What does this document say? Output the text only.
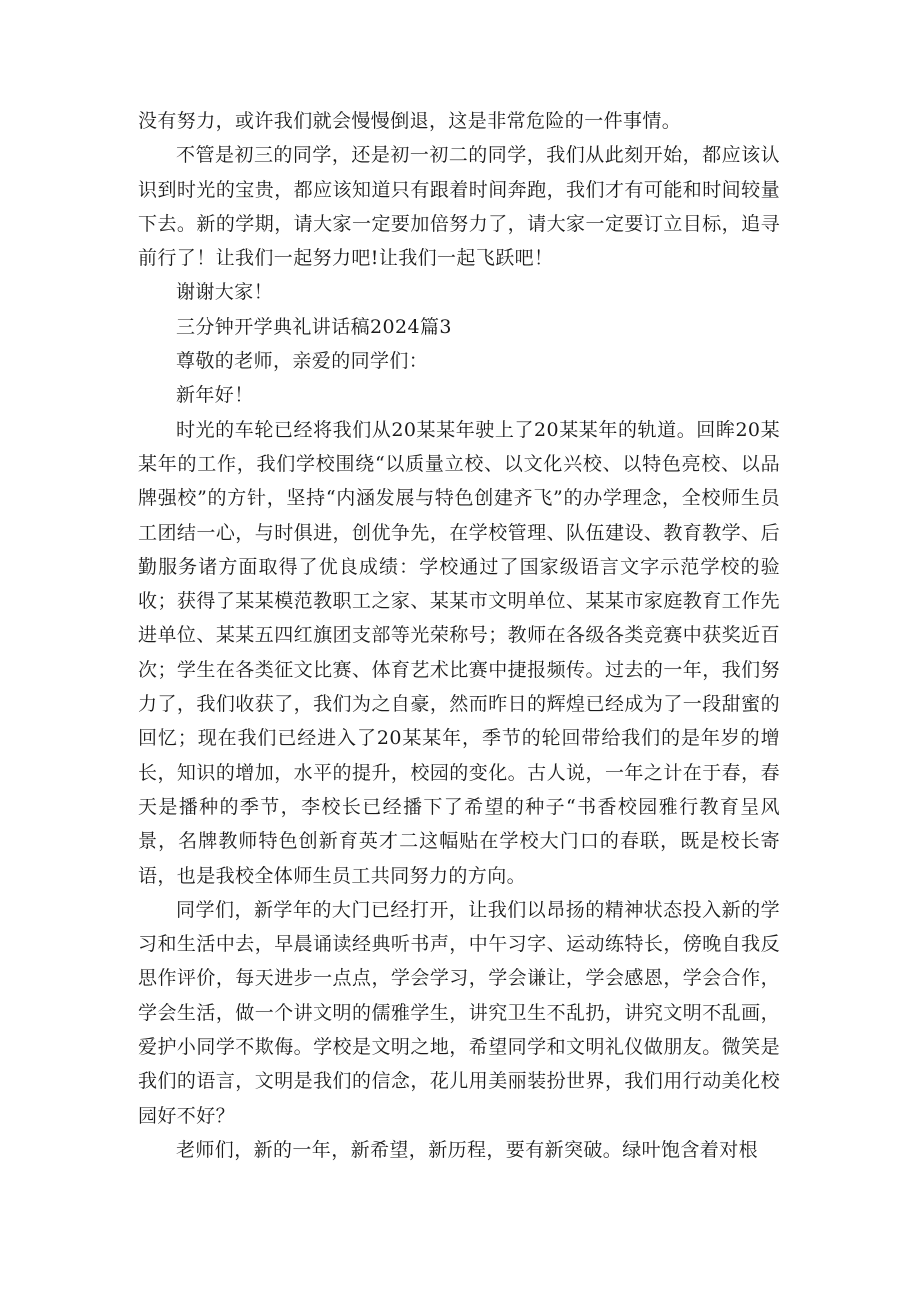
没有努力，或许我们就会慢慢倒退，这是非常危险的一件事情。

不管是初三的同学，还是初一初二的同学，我们从此刻开始，都应该认识到时光的宝贵，都应该知道只有跟着时间奔跑，我们才有可能和时间较量下去。新的学期，请大家一定要加倍努力了，请大家一定要订立目标，追寻前行了！让我们一起努力吧!让我们一起飞跃吧！

谢谢大家！

三分钟开学典礼讲话稿2024篇3

尊敬的老师，亲爱的同学们：

新年好！

时光的车轮已经将我们从20某某年驶上了20某某年的轨道。回眸20某某年的工作，我们学校围绕“以质量立校、以文化兴校、以特色亮校、以品牌强校”的方针，坚持“内涵发展与特色创建齐飞”的办学理念，全校师生员工团结一心，与时俱进，创优争先，在学校管理、队伍建设、教育教学、后勤服务诸方面取得了优良成绩：学校通过了国家级语言文字示范学校的验收；获得了某某模范教职工之家、某某市文明单位、某某市家庭教育工作先进单位、某某五四红旗团支部等光荣称号；教师在各级各类竞赛中获奖近百次；学生在各类征文比赛、体育艺术比赛中捷报频传。过去的一年，我们努力了，我们收获了，我们为之自豪，然而昨日的辉煌已经成为了一段甜蜜的回忆；现在我们已经进入了20某某年，季节的轮回带给我们的是年岁的增长，知识的增加，水平的提升，校园的变化。古人说，一年之计在于春，春天是播种的季节，李校长已经播下了希望的种子“书香校园雅行教育呈风景，名牌教师特色创新育英才二这幅贴在学校大门口的春联，既是校长寄语，也是我校全体师生员工共同努力的方向。

同学们，新学年的大门已经打开，让我们以昂扬的精神状态投入新的学习和生活中去，早晨诵读经典听书声，中午习字、运动练特长，傍晚自我反思作评价，每天进步一点点，学会学习，学会谦让，学会感恩，学会合作，学会生活，做一个讲文明的儒雅学生，讲究卫生不乱扔，讲究文明不乱画，爱护小同学不欺侮。学校是文明之地，希望同学和文明礼仪做朋友。微笑是我们的语言，文明是我们的信念，花儿用美丽装扮世界，我们用行动美化校园好不好？

老师们，新的一年，新希望，新历程，要有新突破。绿叶饱含着对根
